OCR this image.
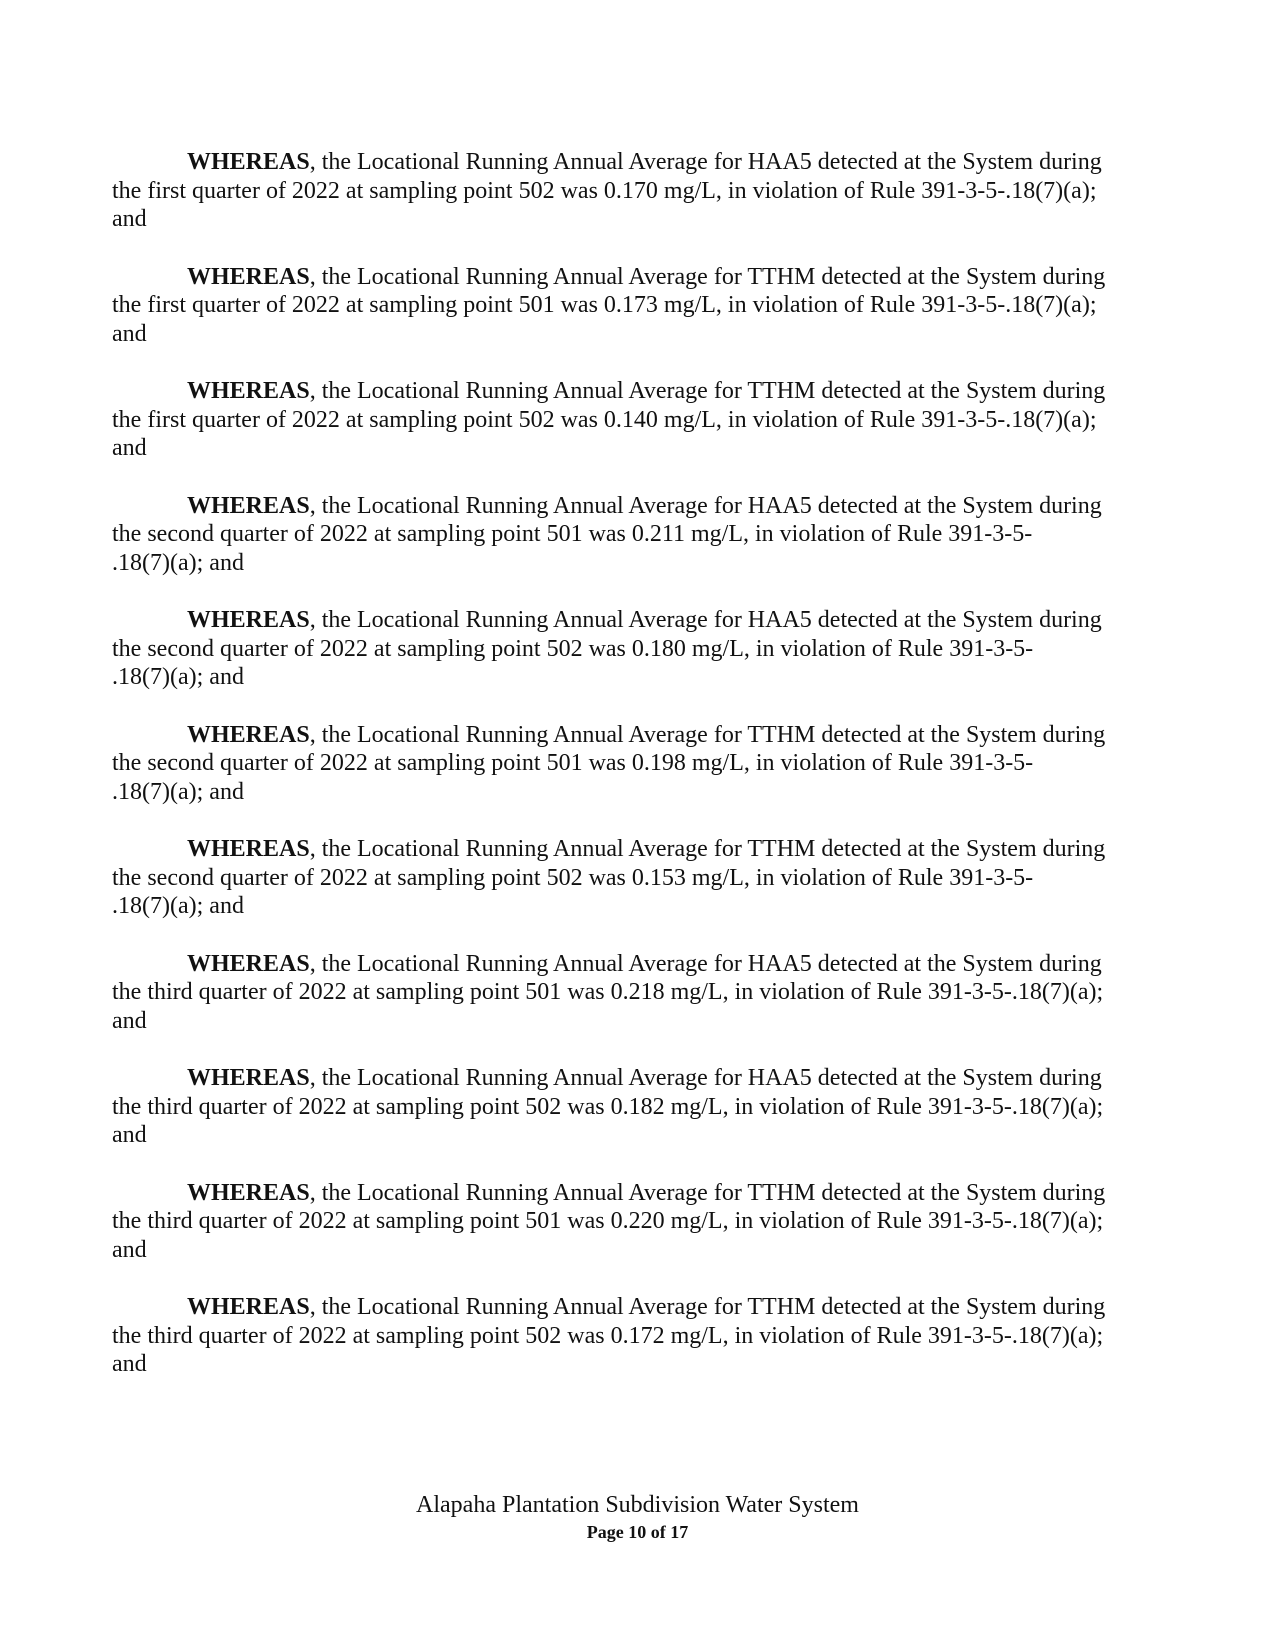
WHEREAS, the Locational Running Annual Average for HAA5 detected at the System during
the first quarter of 2022 at sampling point 502 was 0.170 mg/L, in violation of Rule 391-3-5-.18(7)(a);
and

WHEREAS, the Locational Running Annual Average for TTHM detected at the System during
the first quarter of 2022 at sampling point 501 was 0.173 mg/L, in violation of Rule 391-3-5-.18(7)(a);
and

WHEREAS, the Locational Running Annual Average for TTHM detected at the System during
the first quarter of 2022 at sampling point 502 was 0.140 mg/L, in violation of Rule 391-3-5-.18(7)(a);
and

WHEREAS, the Locational Running Annual Average for HAA5 detected at the System during
the second quarter of 2022 at sampling point 501 was 0.211 mg/L, in violation of Rule 391-3-5-
.18(7)(a); and

WHEREAS, the Locational Running Annual Average for HAA5 detected at the System during
the second quarter of 2022 at sampling point 502 was 0.180 mg/L, in violation of Rule 391-3-5-
.18(7)(a); and

WHEREAS, the Locational Running Annual Average for TTHM detected at the System during
the second quarter of 2022 at sampling point 501 was 0.198 mg/L, in violation of Rule 391-3-5-
.18(7)(a); and

WHEREAS, the Locational Running Annual Average for TTHM detected at the System during
the second quarter of 2022 at sampling point 502 was 0.153 mg/L, in violation of Rule 391-3-5-
.18(7)(a); and

WHEREAS, the Locational Running Annual Average for HAA5 detected at the System during
the third quarter of 2022 at sampling point 501 was 0.218 mg/L, in violation of Rule 391-3-5-.18(7)(a);
and

WHEREAS, the Locational Running Annual Average for HAA5 detected at the System during
the third quarter of 2022 at sampling point 502 was 0.182 mg/L, in violation of Rule 391-3-5-.18(7)(a);
and

WHEREAS, the Locational Running Annual Average for TTHM detected at the System during
the third quarter of 2022 at sampling point 501 was 0.220 mg/L, in violation of Rule 391-3-5-.18(7)(a);
and

WHEREAS, the Locational Running Annual Average for TTHM detected at the System during
the third quarter of 2022 at sampling point 502 was 0.172 mg/L, in violation of Rule 391-3-5-.18(7)(a);
and

Alapaha Plantation Subdivision Water System
Page 10 of 17
